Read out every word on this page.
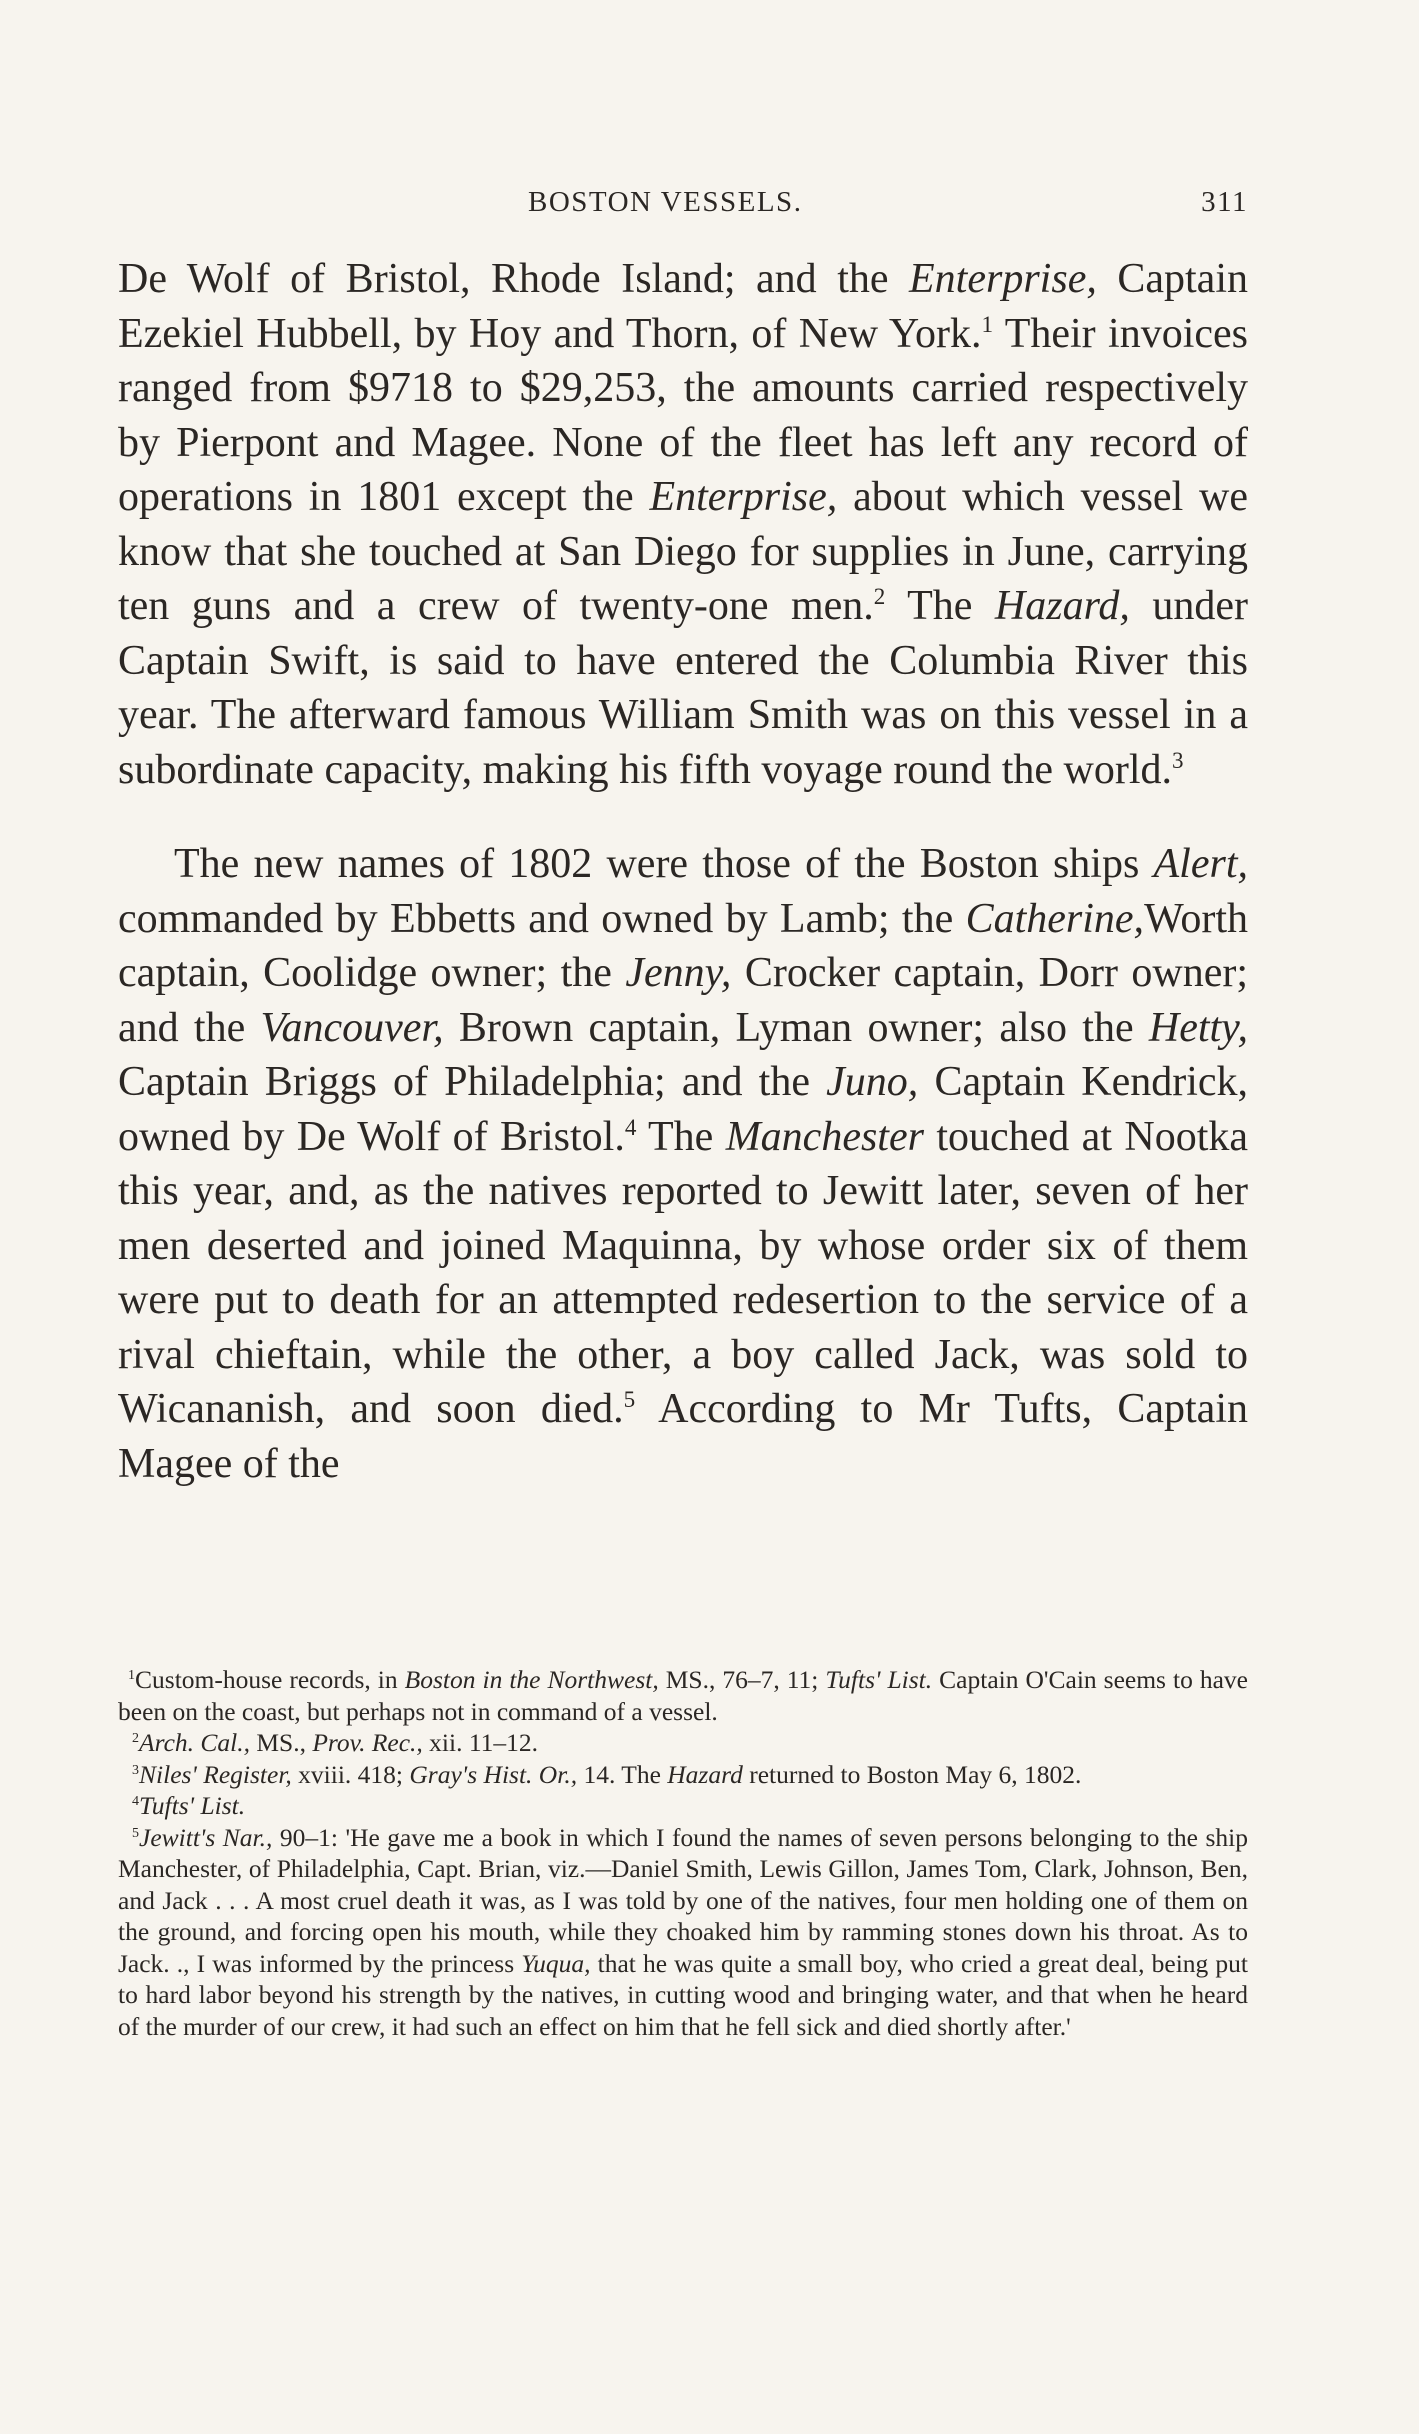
BOSTON VESSELS.	311

De Wolf of Bristol, Rhode Island; and the Enterprise, Captain Ezekiel Hubbell, by Hoy and Thorn, of New York.$^1$ Their invoices ranged from $9718 to $29,253, the amounts carried respectively by Pierpont and Magee. None of the fleet has left any record of operations in 1801 except the Enterprise, about which vessel we know that she touched at San Diego for supplies in June, carrying ten guns and a crew of twenty-one men.$^2$ The Hazard, under Captain Swift, is said to have entered the Columbia River this year. The afterward famous William Smith was on this vessel in a subordinate capacity, making his fifth voyage round the world.$^3$

The new names of 1802 were those of the Boston ships Alert, commanded by Ebbetts and owned by Lamb; the Catherine,Worth captain, Coolidge owner; the Jenny, Crocker captain, Dorr owner; and the Vancouver, Brown captain, Lyman owner; also the Hetty, Captain Briggs of Philadelphia; and the Juno, Captain Kendrick, owned by De Wolf of Bristol.$^4$ The Manchester touched at Nootka this year, and, as the natives reported to Jewitt later, seven of her men deserted and joined Maquinna, by whose order six of them were put to death for an attempted redesertion to the service of a rival chieftain, while the other, a boy called Jack, was sold to Wicananish, and soon died.$^5$ According to Mr Tufts, Captain Magee of the

$^1$Custom-house records, in Boston in the Northwest, MS., 76–7, 11; Tufts' List. Captain O'Cain seems to have been on the coast, but perhaps not in command of a vessel.

$^2$Arch. Cal., MS., Prov. Rec., xii. 11–12.

$^3$Niles' Register, xviii. 418; Gray's Hist. Or., 14. The Hazard returned to Boston May 6, 1802.

$^4$Tufts' List.

$^5$Jewitt's Nar., 90–1: 'He gave me a book in which I found the names of seven persons belonging to the ship Manchester, of Philadelphia, Capt. Brian, viz.—Daniel Smith, Lewis Gillon, James Tom, Clark, Johnson, Ben, and Jack . . . A most cruel death it was, as I was told by one of the natives, four men holding one of them on the ground, and forcing open his mouth, while they choaked him by ramming stones down his throat. As to Jack. ., I was informed by the princess Yuqua, that he was quite a small boy, who cried a great deal, being put to hard labor beyond his strength by the natives, in cutting wood and bringing water, and that when he heard of the murder of our crew, it had such an effect on him that he fell sick and died shortly after.'
